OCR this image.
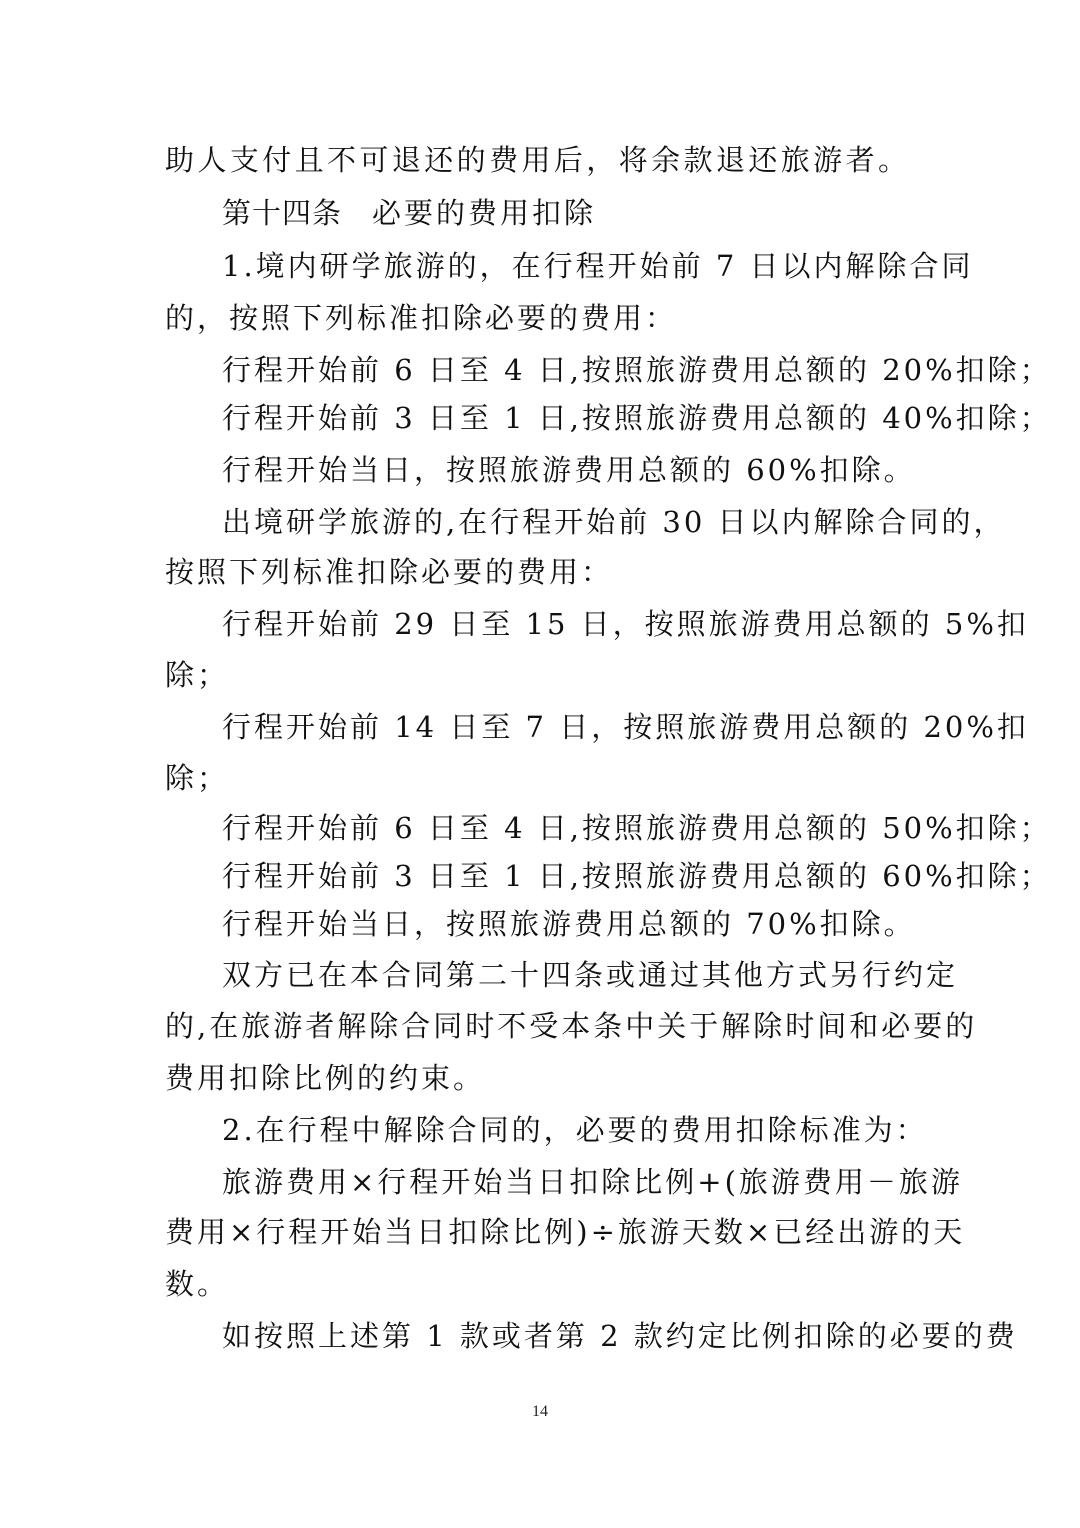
助人支付且不可退还的费用后，将余款退还旅游者。
第十四条 必要的费用扣除
1.境内研学旅游的，在行程开始前 7 日以内解除合同
的，按照下列标准扣除必要的费用：
行程开始前 6 日至 4 日,按照旅游费用总额的 20%扣除；
行程开始前 3 日至 1 日,按照旅游费用总额的 40%扣除；
行程开始当日，按照旅游费用总额的 60%扣除。
出境研学旅游的,在行程开始前 30 日以内解除合同的，
按照下列标准扣除必要的费用：
行程开始前 29 日至 15 日，按照旅游费用总额的 5%扣
除；
行程开始前 14 日至 7 日，按照旅游费用总额的 20%扣
除；
行程开始前 6 日至 4 日,按照旅游费用总额的 50%扣除；
行程开始前 3 日至 1 日,按照旅游费用总额的 60%扣除；
行程开始当日，按照旅游费用总额的 70%扣除。
双方已在本合同第二十四条或通过其他方式另行约定
的,在旅游者解除合同时不受本条中关于解除时间和必要的
费用扣除比例的约束。
2.在行程中解除合同的，必要的费用扣除标准为：
旅游费用×行程开始当日扣除比例+(旅游费用－旅游
费用×行程开始当日扣除比例)÷旅游天数×已经出游的天
数。
如按照上述第 1 款或者第 2 款约定比例扣除的必要的费
14
